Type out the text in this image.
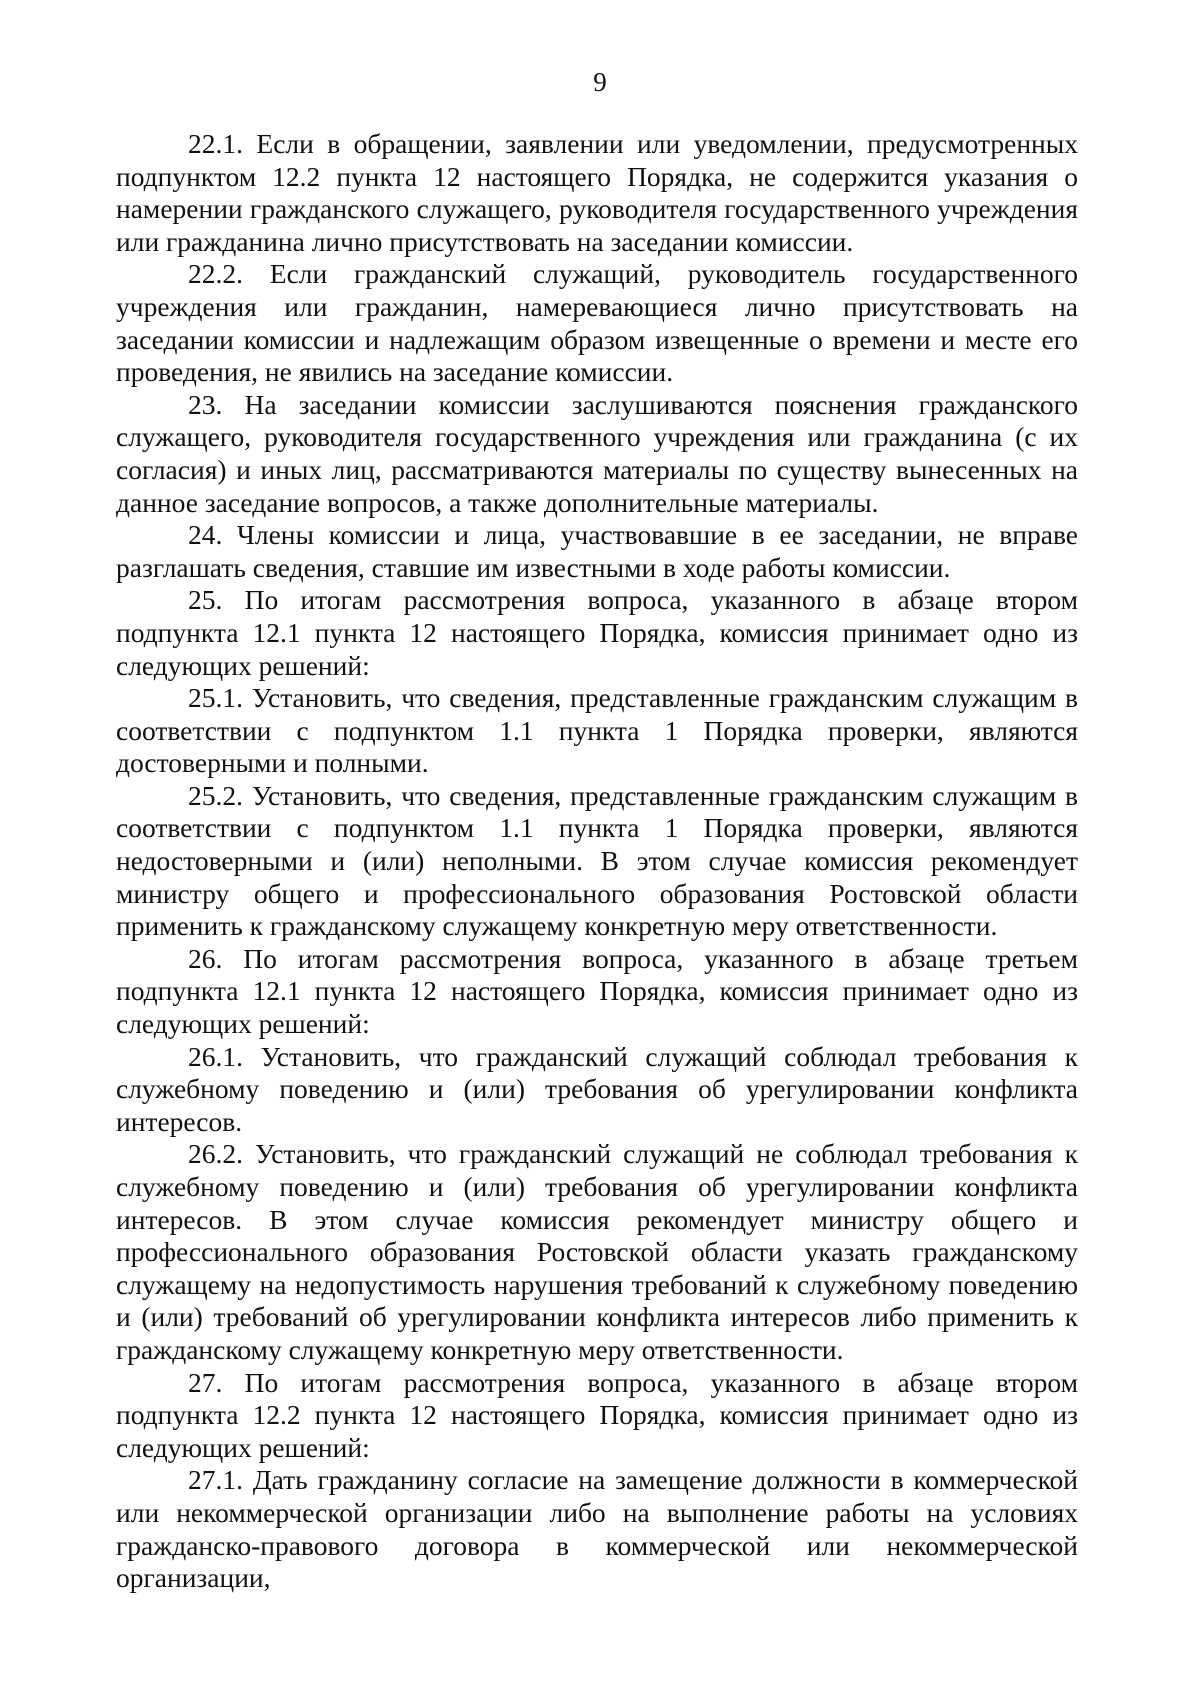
9

22.1. Если в обращении, заявлении или уведомлении, предусмотренных подпунктом 12.2 пункта 12 настоящего Порядка, не содержится указания о намерении гражданского служащего, руководителя государственного учреждения или гражданина лично присутствовать на заседании комиссии.

22.2. Если гражданский служащий, руководитель государственного учреждения или гражданин, намеревающиеся лично присутствовать на заседании комиссии и надлежащим образом извещенные о времени и месте его проведения, не явились на заседание комиссии.

23. На заседании комиссии заслушиваются пояснения гражданского служащего, руководителя государственного учреждения или гражданина (с их согласия) и иных лиц, рассматриваются материалы по существу вынесенных на данное заседание вопросов, а также дополнительные материалы.

24. Члены комиссии и лица, участвовавшие в ее заседании, не вправе разглашать сведения, ставшие им известными в ходе работы комиссии.

25. По итогам рассмотрения вопроса, указанного в абзаце втором подпункта 12.1 пункта 12 настоящего Порядка, комиссия принимает одно из следующих решений:

25.1. Установить, что сведения, представленные гражданским служащим в соответствии с подпунктом 1.1 пункта 1 Порядка проверки, являются достоверными и полными.

25.2. Установить, что сведения, представленные гражданским служащим в соответствии с подпунктом 1.1 пункта 1 Порядка проверки, являются недостоверными и (или) неполными. В этом случае комиссия рекомендует министру общего и профессионального образования Ростовской области применить к гражданскому служащему конкретную меру ответственности.

26. По итогам рассмотрения вопроса, указанного в абзаце третьем подпункта 12.1 пункта 12 настоящего Порядка, комиссия принимает одно из следующих решений:

26.1. Установить, что гражданский служащий соблюдал требования к служебному поведению и (или) требования об урегулировании конфликта интересов.

26.2. Установить, что гражданский служащий не соблюдал требования к служебному поведению и (или) требования об урегулировании конфликта интересов. В этом случае комиссия рекомендует министру общего и профессионального образования Ростовской области указать гражданскому служащему на недопустимость нарушения требований к служебному поведению и (или) требований об урегулировании конфликта интересов либо применить к гражданскому служащему конкретную меру ответственности.

27. По итогам рассмотрения вопроса, указанного в абзаце втором подпункта 12.2 пункта 12 настоящего Порядка, комиссия принимает одно из следующих решений:

27.1. Дать гражданину согласие на замещение должности в коммерческой или некоммерческой организации либо на выполнение работы на условиях гражданско-правового договора в коммерческой или некоммерческой организации,
